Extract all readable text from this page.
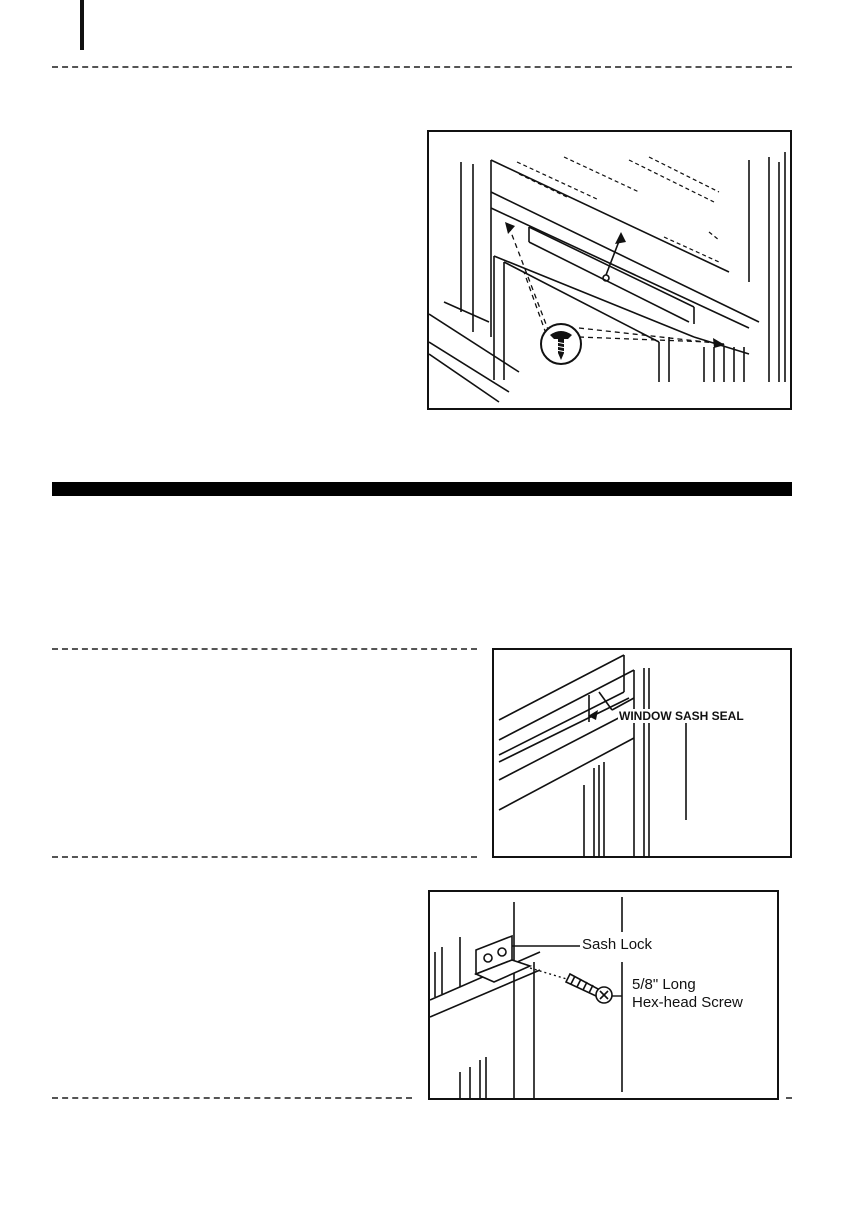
WINDOW SASH SEAL
Sash Lock
5/8" Long
Hex-head Screw
